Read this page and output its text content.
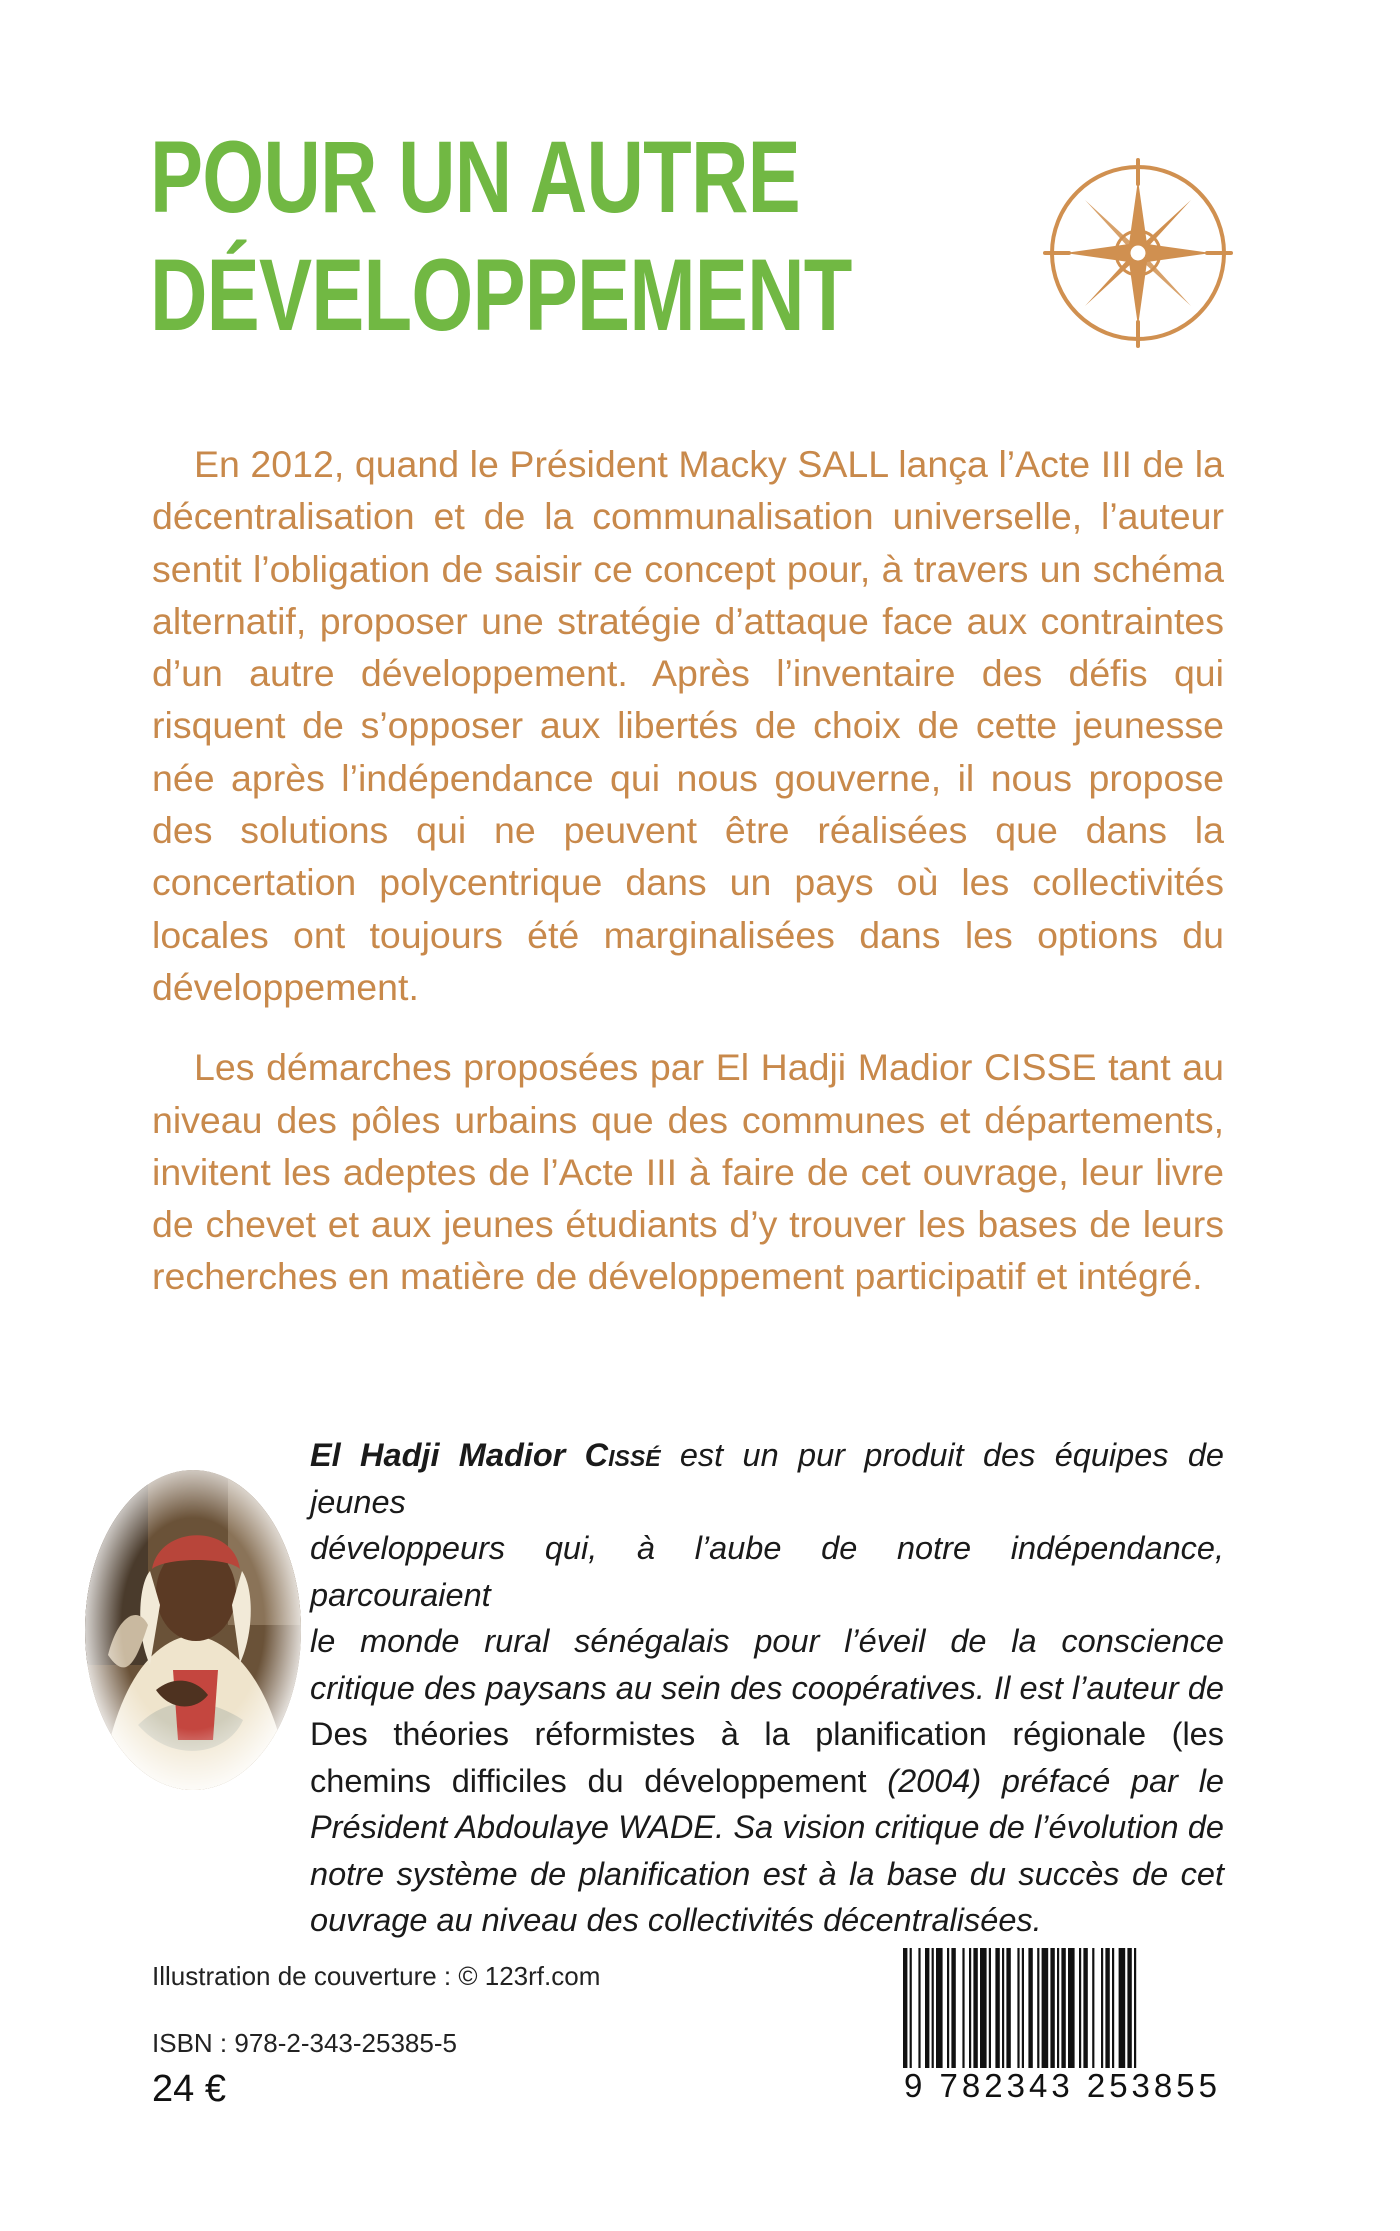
POUR UN AUTRE
DÉVELOPPEMENT

En 2012, quand le Président Macky SALL lança l’Acte III de la décentralisation et de la communalisation universelle, l’auteur sentit l’obligation de saisir ce concept pour, à travers un schéma alternatif, proposer une stratégie d’attaque face aux contraintes d’un autre développement. Après l’inventaire des défis qui risquent de s’opposer aux libertés de choix de cette jeunesse née après l’indépendance qui nous gouverne, il nous propose des solutions qui ne peuvent être réalisées que dans la concertation polycentrique dans un pays où les collectivités locales ont toujours été marginalisées dans les options du développement.

Les démarches proposées par El Hadji Madior CISSE tant au niveau des pôles urbains que des communes et départements, invitent les adeptes de l’Acte III à faire de cet ouvrage, leur livre de chevet et aux jeunes étudiants d’y trouver les bases de leurs recherches en matière de développement participatif et intégré.

El Hadji Madior Cissé est un pur produit des équipes de jeunes
développeurs qui, à l’aube de notre indépendance, parcouraient
le monde rural sénégalais pour l’éveil de la conscience
critique des paysans au sein des coopératives. Il est l’auteur de
Des théories réformistes à la planification régionale (les
chemins difficiles du développement (2004) préfacé par le
Président Abdoulaye WADE. Sa vision critique de l’évolution de
notre système de planification est à la base du succès de cet
ouvrage au niveau des collectivités décentralisées.
Illustration de couverture : © 123rf.com
ISBN : 978-2-343-25385-5
24 €	9 782343 253855
